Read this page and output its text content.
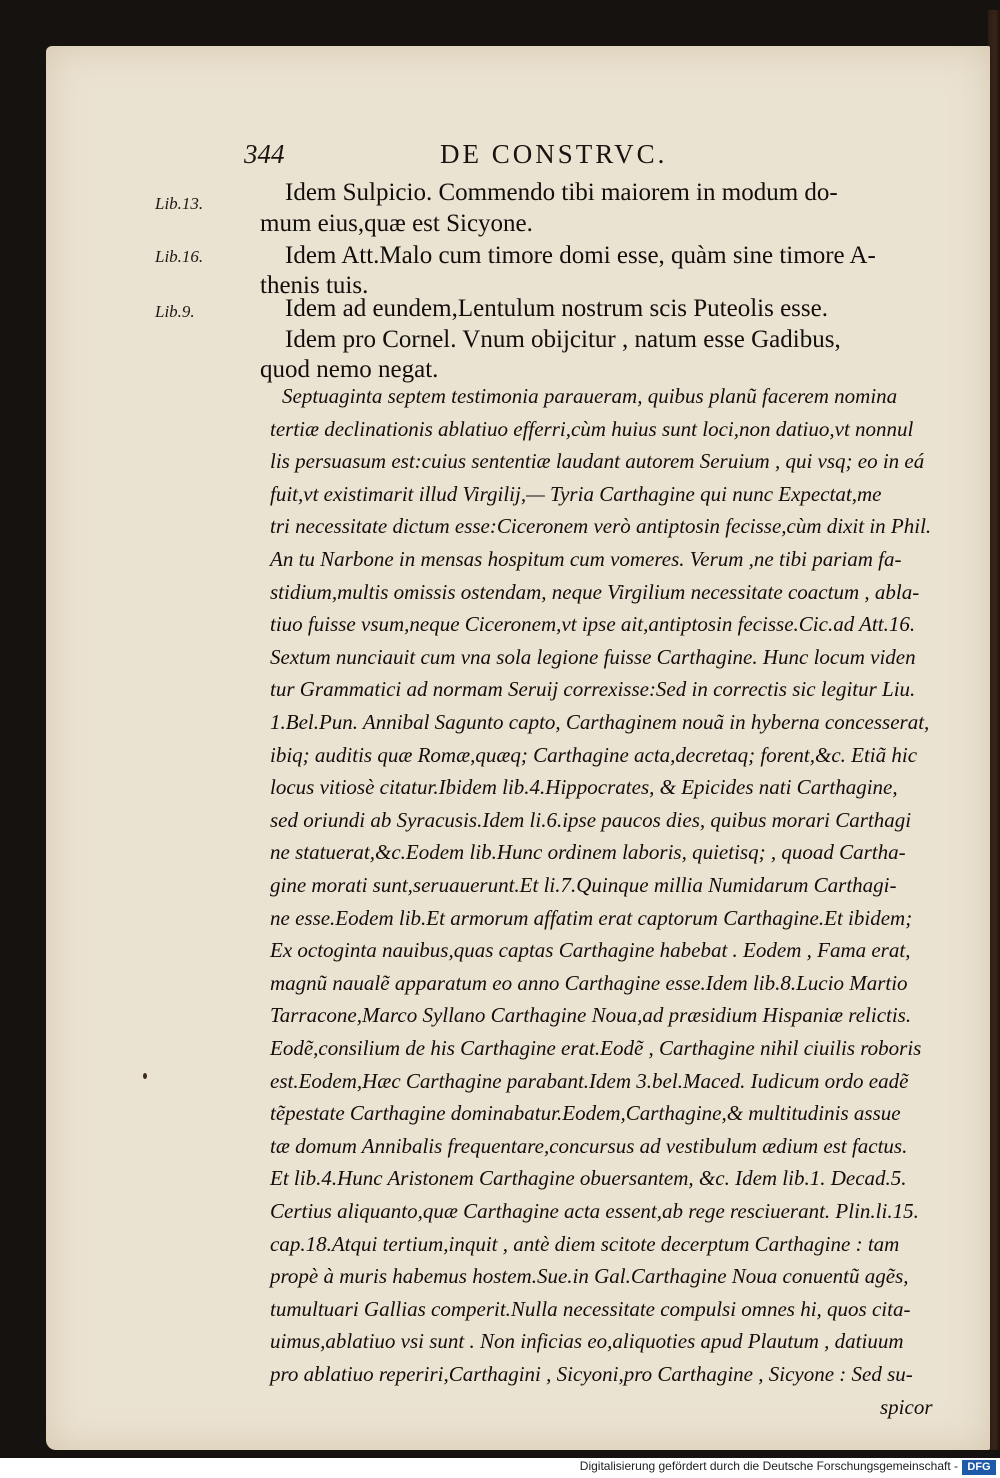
344	DE CONSTRVC.
Lib.13.
Lib.16.
Lib.9.
Idem Sulpicio. Commendo tibi maiorem in modum do-
mum eius,quæ est Sicyone.
Idem Att.Malo cum timore domi esse, quàm sine timore A-
thenis tuis.
Idem ad eundem,Lentulum nostrum scis Puteolis esse.
Idem pro Cornel. Vnum obijcitur , natum esse Gadibus,
quod nemo negat.
Septuaginta septem testimonia paraueram, quibus planũ facerem nomina
tertiæ declinationis ablatiuo efferri,cùm huius sunt loci,non datiuo,vt nonnul
lis persuasum est:cuius sententiæ laudant autorem Seruium , qui vsq; eo in eá
fuit,vt existimarit illud Virgilij,— Tyria Carthagine qui nunc Expectat,me
tri necessitate dictum esse:Ciceronem verò antiptosin fecisse,cùm dixit in Phil.
An tu Narbone in mensas hospitum cum vomeres. Verum ,ne tibi pariam fa-
stidium,multis omissis ostendam, neque Virgilium necessitate coactum , abla-
tiuo fuisse vsum,neque Ciceronem,vt ipse ait,antiptosin fecisse.Cic.ad Att.16.
Sextum nunciauit cum vna sola legione fuisse Carthagine. Hunc locum viden
tur Grammatici ad normam Seruij correxisse:Sed in correctis sic legitur Liu.
1.Bel.Pun. Annibal Sagunto capto, Carthaginem nouã in hyberna concesserat,
ibiq; auditis quæ Romæ,quæq; Carthagine acta,decretaq; forent,&c. Etiã hic
locus vitiosè citatur.Ibidem lib.4.Hippocrates, & Epicides nati Carthagine,
sed oriundi ab Syracusis.Idem li.6.ipse paucos dies, quibus morari Carthagi
ne statuerat,&c.Eodem lib.Hunc ordinem laboris, quietisq; , quoad Cartha-
gine morati sunt,seruauerunt.Et li.7.Quinque millia Numidarum Carthagi-
ne esse.Eodem lib.Et armorum affatim erat captorum Carthagine.Et ibidem;
Ex octoginta nauibus,quas captas Carthagine habebat . Eodem , Fama erat,
magnũ naualẽ apparatum eo anno Carthagine esse.Idem lib.8.Lucio Martio
Tarracone,Marco Syllano Carthagine Noua,ad præsidium Hispaniæ relictis.
Eodẽ,consilium de his Carthagine erat.Eodẽ , Carthagine nihil ciuilis roboris
est.Eodem,Hæc Carthagine parabant.Idem 3.bel.Maced. Iudicum ordo eadẽ
tẽpestate Carthagine dominabatur.Eodem,Carthagine,& multitudinis assue
tæ domum Annibalis frequentare,concursus ad vestibulum ædium est factus.
Et lib.4.Hunc Aristonem Carthagine obuersantem, &c. Idem lib.1. Decad.5.
Certius aliquanto,quæ Carthagine acta essent,ab rege resciuerant. Plin.li.15.
cap.18.Atqui tertium,inquit , antè diem scitote decerptum Carthagine : tam
propè à muris habemus hostem.Sue.in Gal.Carthagine Noua conuentũ agẽs,
tumultuari Gallias comperit.Nulla necessitate compulsi omnes hi, quos cita-
uimus,ablatiuo vsi sunt . Non inficias eo,aliquoties apud Plautum , datiuum
pro ablatiuo reperiri,Carthagini , Sicyoni,pro Carthagine , Sicyone : Sed su-
spicor
Digitalisierung gefördert durch die Deutsche Forschungsgemeinschaft - DFG
